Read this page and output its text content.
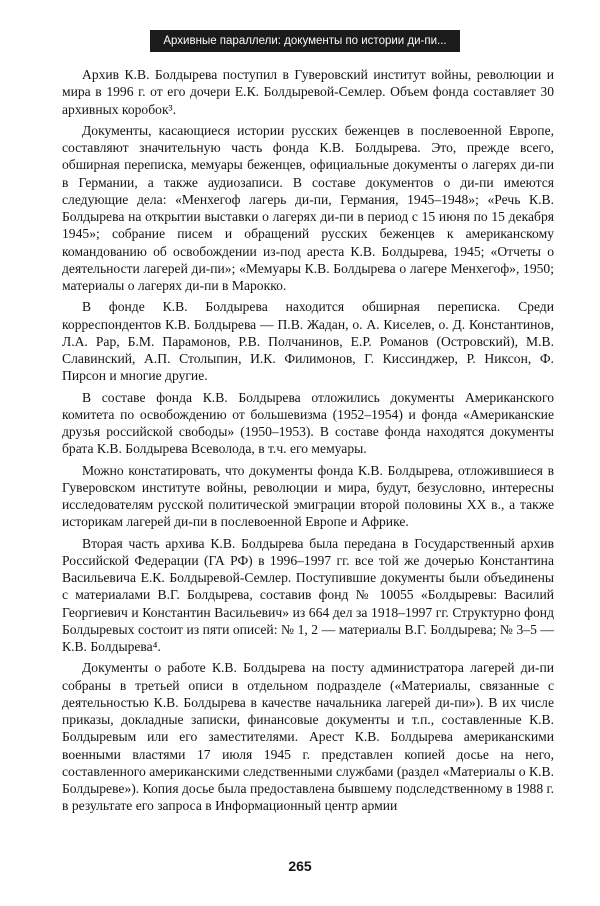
Архивные параллели: документы по истории ди-пи...

Архив К.В. Болдырева поступил в Гуверовский институт войны, революции и мира в 1996 г. от его дочери Е.К. Болдыревой-Семлер. Объем фонда составляет 30 архивных коробок³.

Документы, касающиеся истории русских беженцев в послевоенной Европе, составляют значительную часть фонда К.В. Болдырева. Это, прежде всего, обширная переписка, мемуары беженцев, официальные документы о лагерях ди-пи в Германии, а также аудиозаписи. В составе документов о ди-пи имеются следующие дела: «Менхегоф лагерь ди-пи, Германия, 1945–1948»; «Речь К.В. Болдырева на открытии выставки о лагерях ди-пи в период с 15 июня по 15 декабря 1945»; собрание писем и обращений русских беженцев к американскому командованию об освобождении из-под ареста К.В. Болдырева, 1945; «Отчеты о деятельности лагерей ди-пи»; «Мемуары К.В. Болдырева о лагере Менхегоф», 1950; материалы о лагерях ди-пи в Марокко.

В фонде К.В. Болдырева находится обширная переписка. Среди корреспондентов К.В. Болдырева — П.В. Жадан, о. А. Киселев, о. Д. Константинов, Л.А. Рар, Б.М. Парамонов, Р.В. Полчанинов, Е.Р. Романов (Островский), М.В. Славинский, А.П. Столыпин, И.К. Филимонов, Г. Киссинджер, Р. Никсон, Ф. Пирсон и многие другие.

В составе фонда К.В. Болдырева отложились документы Американского комитета по освобождению от большевизма (1952–1954) и фонда «Американские друзья российской свободы» (1950–1953). В составе фонда находятся документы брата К.В. Болдырева Всеволода, в т.ч. его мемуары.

Можно констатировать, что документы фонда К.В. Болдырева, отложившиеся в Гуверовском институте войны, революции и мира, будут, безусловно, интересны исследователям русской политической эмиграции второй половины XX в., а также историкам лагерей ди-пи в послевоенной Европе и Африке.

Вторая часть архива К.В. Болдырева была передана в Государственный архив Российской Федерации (ГА РФ) в 1996–1997 гг. все той же дочерью Константина Васильевича Е.К. Болдыревой-Семлер. Поступившие документы были объединены с материалами В.Г. Болдырева, составив фонд № 10055 «Болдыревы: Василий Георгиевич и Константин Васильевич» из 664 дел за 1918–1997 гг. Структурно фонд Болдыревых состоит из пяти описей: № 1, 2 — материалы В.Г. Болдырева; № 3–5 — К.В. Болдырева⁴.

Документы о работе К.В. Болдырева на посту администратора лагерей ди-пи собраны в третьей описи в отдельном подразделе («Материалы, связанные с деятельностью К.В. Болдырева в качестве начальника лагерей ди-пи»). В их числе приказы, докладные записки, финансовые документы и т.п., составленные К.В. Болдыревым или его заместителями. Арест К.В. Болдырева американскими военными властями 17 июля 1945 г. представлен копией досье на него, составленного американскими следственными службами (раздел «Материалы о К.В. Болдыреве»). Копия досье была предоставлена бывшему подследственному в 1988 г. в результате его запроса в Информационный центр армии

265
